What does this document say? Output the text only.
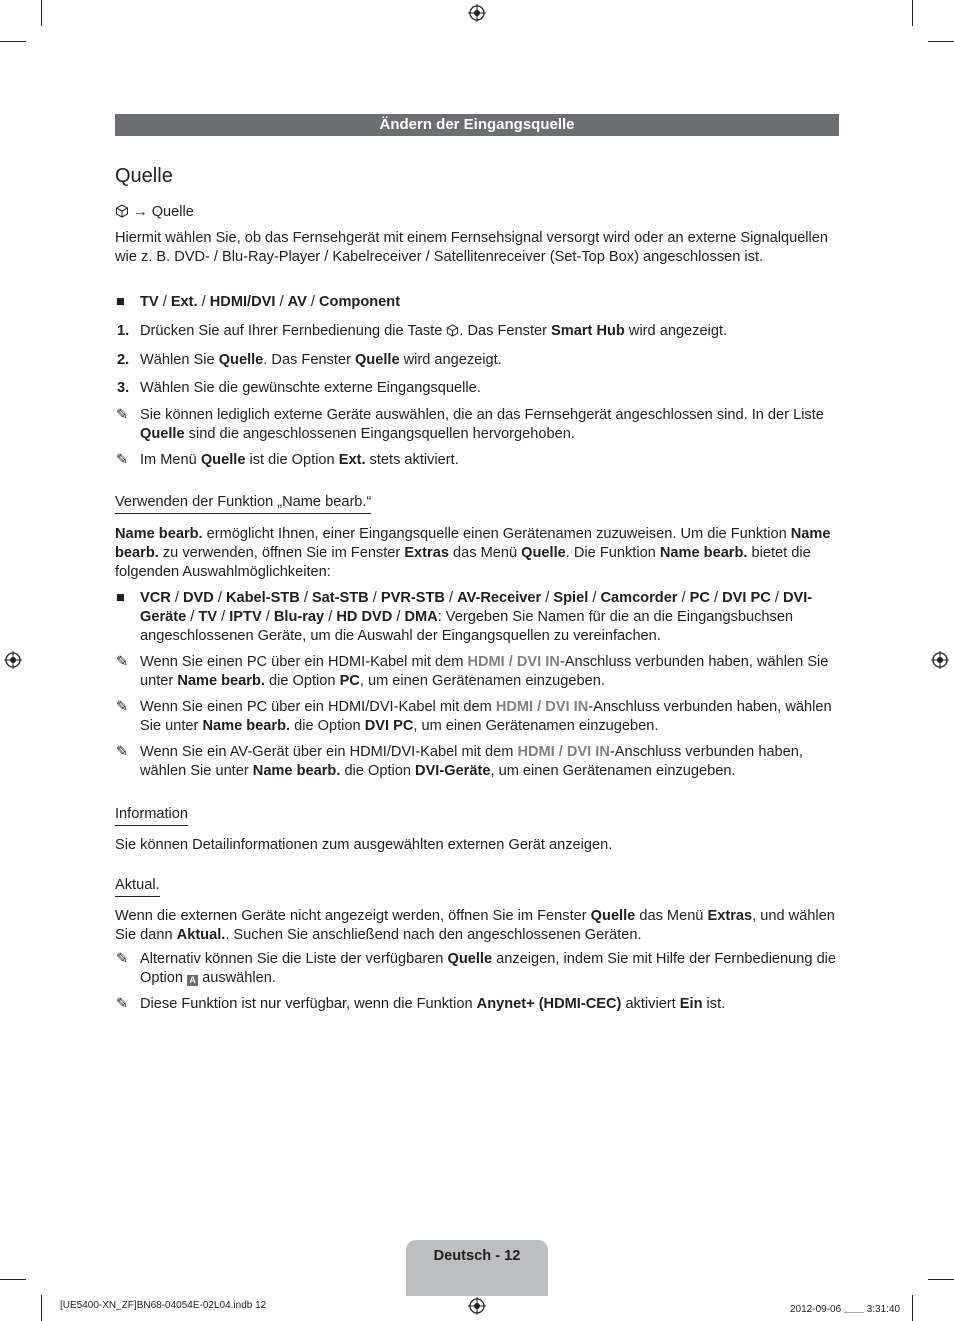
Ändern der Eingangsquelle
Quelle
→ Quelle
Hiermit wählen Sie, ob das Fernsehgerät mit einem Fernsehsignal versorgt wird oder an externe Signalquellen wie z. B. DVD- / Blu-Ray-Player / Kabelreceiver / Satellitenreceiver (Set-Top Box) angeschlossen ist.
■ TV / Ext. / HDMI/DVI / AV / Component
1. Drücken Sie auf Ihrer Fernbedienung die Taste . Das Fenster Smart Hub wird angezeigt.
2. Wählen Sie Quelle. Das Fenster Quelle wird angezeigt.
3. Wählen Sie die gewünschte externe Eingangsquelle.
✎ Sie können lediglich externe Geräte auswählen, die an das Fernsehgerät angeschlossen sind. In der Liste Quelle sind die angeschlossenen Eingangsquellen hervorgehoben.
✎ Im Menü Quelle ist die Option Ext. stets aktiviert.
Verwenden der Funktion „Name bearb.“
Name bearb. ermöglicht Ihnen, einer Eingangsquelle einen Gerätenamen zuzuweisen. Um die Funktion Name bearb. zu verwenden, öffnen Sie im Fenster Extras das Menü Quelle. Die Funktion Name bearb. bietet die folgenden Auswahlmöglichkeiten:
■ VCR / DVD / Kabel-STB / Sat-STB / PVR-STB / AV-Receiver / Spiel / Camcorder / PC / DVI PC / DVI-Geräte / TV / IPTV / Blu-ray / HD DVD / DMA: Vergeben Sie Namen für die an die Eingangsbuchsen angeschlossenen Geräte, um die Auswahl der Eingangsquellen zu vereinfachen.
✎ Wenn Sie einen PC über ein HDMI-Kabel mit dem HDMI / DVI IN-Anschluss verbunden haben, wählen Sie unter Name bearb. die Option PC, um einen Gerätenamen einzugeben.
✎ Wenn Sie einen PC über ein HDMI/DVI-Kabel mit dem HDMI / DVI IN-Anschluss verbunden haben, wählen Sie unter Name bearb. die Option DVI PC, um einen Gerätenamen einzugeben.
✎ Wenn Sie ein AV-Gerät über ein HDMI/DVI-Kabel mit dem HDMI / DVI IN-Anschluss verbunden haben, wählen Sie unter Name bearb. die Option DVI-Geräte, um einen Gerätenamen einzugeben.
Information
Sie können Detailinformationen zum ausgewählten externen Gerät anzeigen.
Aktual.
Wenn die externen Geräte nicht angezeigt werden, öffnen Sie im Fenster Quelle das Menü Extras, und wählen Sie dann Aktual.. Suchen Sie anschließend nach den angeschlossenen Geräten.
✎ Alternativ können Sie die Liste der verfügbaren Quelle anzeigen, indem Sie mit Hilfe der Fernbedienung die Option A auswählen.
✎ Diese Funktion ist nur verfügbar, wenn die Funktion Anynet+ (HDMI-CEC) aktiviert Ein ist.
Deutsch - 12
[UE5400-XN_ZF]BN68-04054E-02L04.indb 12	2012-09-06 ＿＿ 3:31:40
